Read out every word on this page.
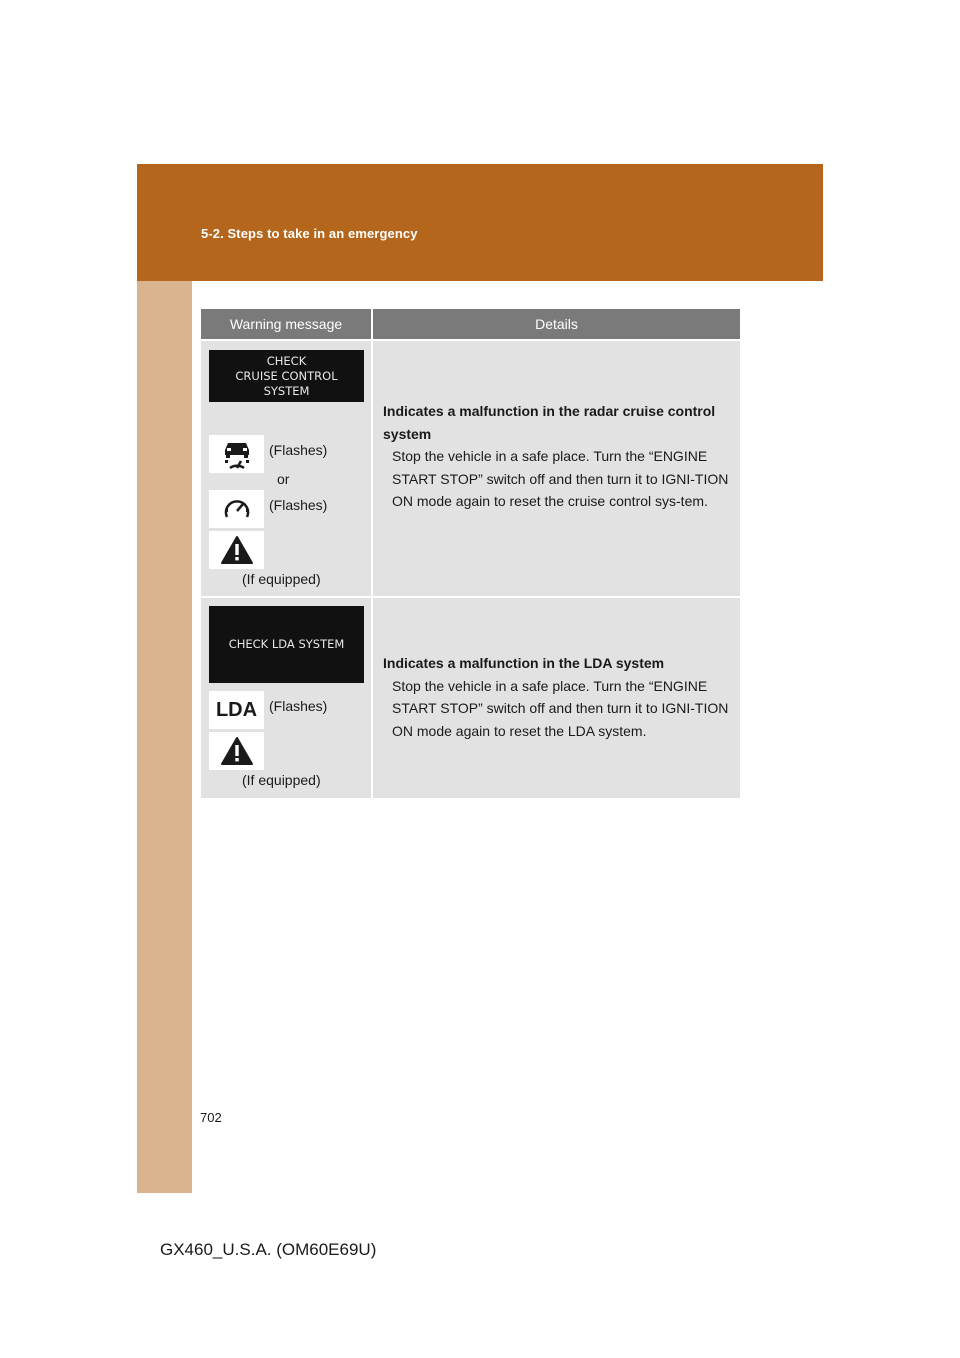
5-2. Steps to take in an emergency
Warning message	Details
CHECK
CRUISE CONTROL
SYSTEM
(Flashes)
or
(Flashes)
(If equipped)
Indicates a malfunction in the radar cruise control system
Stop the vehicle in a safe place. Turn the “ENGINE START STOP” switch off and then turn it to IGNI-TION ON mode again to reset the cruise control sys-tem.
CHECK LDA SYSTEM
LDA (Flashes)
(If equipped)
Indicates a malfunction in the LDA system
Stop the vehicle in a safe place. Turn the “ENGINE START STOP” switch off and then turn it to IGNI-TION ON mode again to reset the LDA system.
702
GX460_U.S.A. (OM60E69U)
